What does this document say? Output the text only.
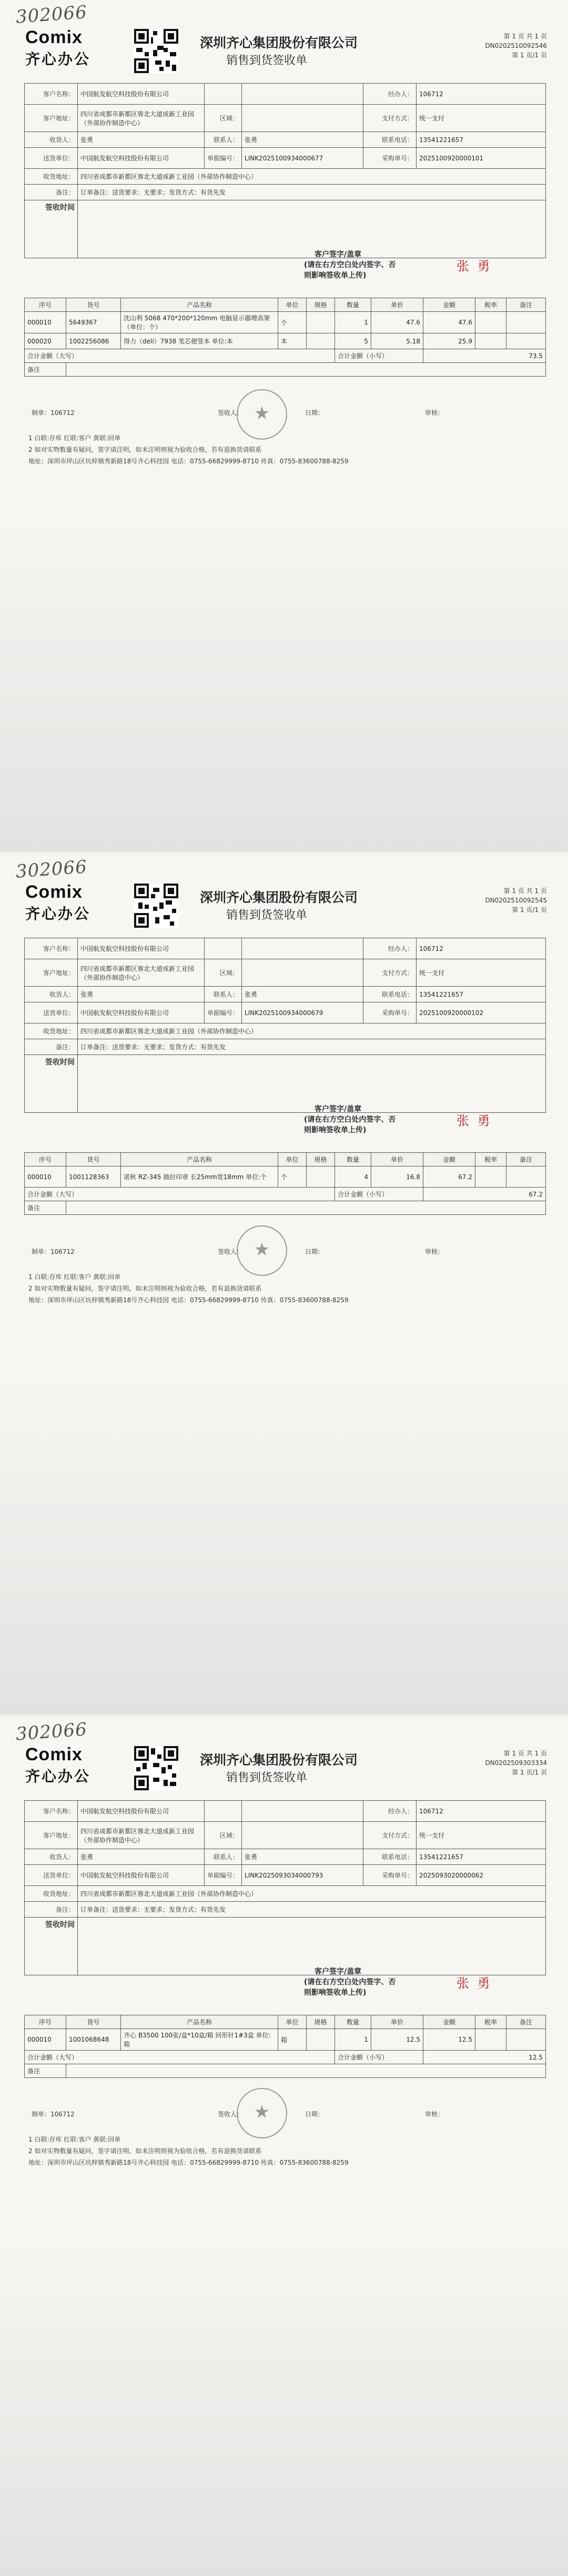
302066
Comix
齐心办公
深圳齐心集团股份有限公司
销售到货签收单
第 1 页 共 1 页
DN0202510092546
第 1 页/1 页
客户名称：	中国航发航空科技股份有限公司			经办人：	106712
客户地址：	四川省成都市新都区蓉北大道成新工业园（外部协作制造中心）	区域：		支付方式：	统一支付
收货人：	张勇	联系人：	张勇	联系电话：	13541221657
送货单位：	中国航发航空科技股份有限公司	单据编号：	LINK2025100934000677	采购单号：	2025100920000101
收货地址：	四川省成都市新都区蓉北大道成新工业园（外部协作制造中心）				
备注：	订单备注：送货要求：无要求；发货方式：有货先发				
签收时间					
客户签字/盖章
(请在右方空白处内签字、否
则影响签收单上传)
张 勇
序号	货号	产品名称	单位	规格	数量	单价	金额	税率	备注
000010	5649367	沈山利 5068 470*200*120mm 电脑显示器增高架（单位：个）	个		1	47.6	47.6		
000020	1002256086	得力（deli）7938 笔芯便签本 单位:本	本		5	5.18	25.9		
合计金额（大写）					合计金额（小写）		73.5		
备注									
制单：106712	签收人：	日期：	审核：
★
1 白联:存库 红联:客户 黄联:回单
2 如对实物数量有疑问，签字请注明，如未注明则视为验收合格，若有退换货请联系
地址：深圳市坪山区坑梓镇秀新路18号齐心科技园 电话：0755-66829999-8710 传真：0755-83600788-8259
302066
Comix
齐心办公
深圳齐心集团股份有限公司
销售到货签收单
第 1 页 共 1 页
DN0202510092545
第 1 页/1 页
客户名称：	中国航发航空科技股份有限公司			经办人：	106712
客户地址：	四川省成都市新都区蓉北大道成新工业园（外部协作制造中心）	区域：		支付方式：	统一支付
收货人：	张勇	联系人：	张勇	联系电话：	13541221657
送货单位：	中国航发航空科技股份有限公司	单据编号：	LINK2025100934000679	采购单号：	2025100920000102
收货地址：	四川省成都市新都区蓉北大道成新工业园（外部协作制造中心）				
备注：	订单备注：送货要求：无要求；发货方式：有货先发				
签收时间					
客户签字/盖章
(请在右方空白处内签字、否
则影响签收单上传)
张 勇
序号	货号	产品名称	单位	规格	数量	单价	金额	税率	备注
000010	1001128363	诺秋 RZ-345 抽拉印章 长25mm宽18mm 单位:个	个		4	16.8	67.2		
合计金额（大写）					合计金额（小写）		67.2		
备注									
制单：106712	签收人：	日期：	审核：
★
1 白联:存库 红联:客户 黄联:回单
2 如对实物数量有疑问，签字请注明，如未注明则视为验收合格，若有退换货请联系
地址：深圳市坪山区坑梓镇秀新路18号齐心科技园 电话：0755-66829999-8710 传真：0755-83600788-8259
302066
Comix
齐心办公
深圳齐心集团股份有限公司
销售到货签收单
第 1 页 共 1 页
DN0202509303334
第 1 页/1 页
客户名称：	中国航发航空科技股份有限公司			经办人：	106712
客户地址：	四川省成都市新都区蓉北大道成新工业园（外部协作制造中心）	区域：		支付方式：	统一支付
收货人：	张勇	联系人：	张勇	联系电话：	13541221657
送货单位：	中国航发航空科技股份有限公司	单据编号：	LINK2025093034000793	采购单号：	2025093020000062
收货地址：	四川省成都市新都区蓉北大道成新工业园（外部协作制造中心）				
备注：	订单备注：送货要求：无要求；发货方式：有货先发				
签收时间					
客户签字/盖章
(请在右方空白处内签字、否
则影响签收单上传)
张 勇
序号	货号	产品名称	单位	规格	数量	单价	金额	税率	备注
000010	1001068648	齐心 B3500 100张/盒*10盒/箱 回形针1#3盒 单位:箱	箱		1	12.5	12.5		
合计金额（大写）					合计金额（小写）		12.5		
备注									
制单：106712	签收人：	日期：	审核：
★
1 白联:存库 红联:客户 黄联:回单
2 如对实物数量有疑问，签字请注明，如未注明则视为验收合格，若有退换货请联系
地址：深圳市坪山区坑梓镇秀新路18号齐心科技园 电话：0755-66829999-8710 传真：0755-83600788-8259
